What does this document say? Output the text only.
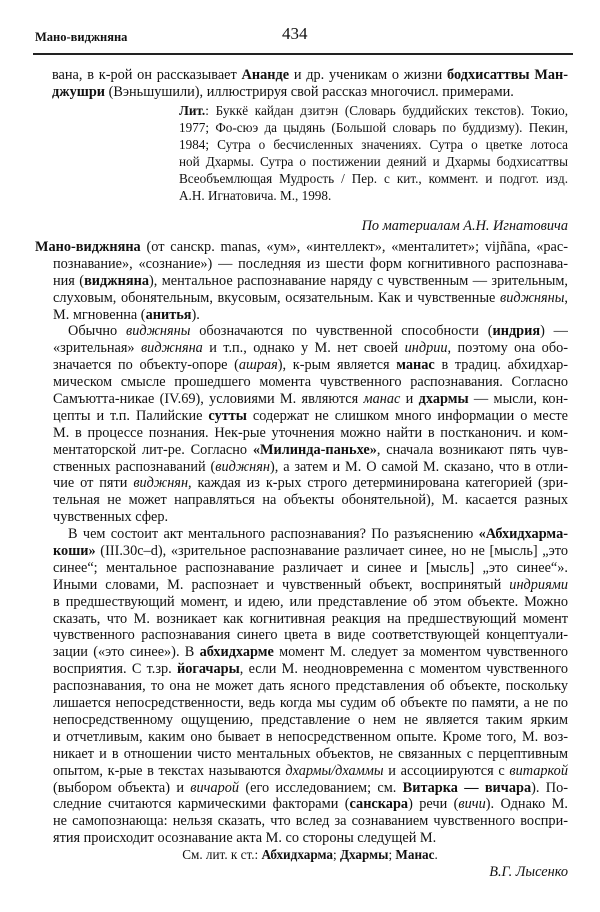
Мано-виджняна	434
вана, в к-рой он рассказывает Ананде и др. ученикам о жизни бодхисаттвы Ман-
джушри (Вэньшушили), иллюстрируя свой рассказ многочисл. примерами.
Лит.: Буккё кайдан дзитэн (Словарь буддийских текстов). Токио,
1977; Фо-сюэ да цыдянь (Большой словарь по буддизму). Пекин,
1984; Сутра о бесчисленных значениях. Сутра о цветке лотоса
ной Дхармы. Сутра о постижении деяний и Дхармы бодхисаттвы
Всеобъемлющая Мудрость / Пер. с кит., коммент. и подгот. изд.
А.Н. Игнатовича. М., 1998.
По материалам А.Н. Игнатовича
Мано-виджняна (от санскр. manas, «ум», «интеллект», «менталитет»; vijñāna, «рас-
познавание», «сознание») — последняя из шести форм когнитивного распознава-
ния (виджняна), ментальное распознавание наряду с чувственным — зрительным,
слуховым, обонятельным, вкусовым, осязательным. Как и чувственные виджняны,
М. мгновенна (анитья).
Обычно виджняны обозначаются по чувственной способности (индрия) —
«зрительная» виджняна и т.п., однако у М. нет своей индрии, поэтому она обо-
значается по объекту-опоре (ашрая), к-рым является манас в традиц. абхидхар-
мическом смысле прошедшего момента чувственного распознавания. Согласно
Самъютта-никае (IV.69), условиями М. являются манас и дхармы — мысли, кон-
цепты и т.п. Палийские сутты содержат не слишком много информации о месте
М. в процессе познания. Нек-рые уточнения можно найти в постканонич. и ком-
ментаторской лит-ре. Согласно «Милинда-паньхе», сначала возникают пять чув-
ственных распознаваний (виджнян), а затем и М. О самой М. сказано, что в отли-
чие от пяти виджнян, каждая из к-рых строго детерминирована категорией (зри-
тельная не может направляться на объекты обонятельной), М. касается разных
чувственных сфер.
В чем состоит акт ментального распознавания? По разъяснению «Абхидхарма-
коши» (III.30c–d), «зрительное распознавание различает синее, но не [мысль] „это
синее“; ментальное распознавание различает и синее и [мысль] „это синее“».
Иными словами, М. распознает и чувственный объект, воспринятый индриями
в предшествующий момент, и идею, или представление об этом объекте. Можно
сказать, что М. возникает как когнитивная реакция на предшествующий момент
чувственного распознавания синего цвета в виде соответствующей концептуали-
зации («это синее»). В абхидхарме момент М. следует за моментом чувственного
восприятия. С т.зр. йогачары, если М. неодновременна с моментом чувственного
распознавания, то она не может дать ясного представления об объекте, поскольку
лишается непосредственности, ведь когда мы судим об объекте по памяти, а не по
непосредственному ощущению, представление о нем не является таким ярким
и отчетливым, каким оно бывает в непосредственном опыте. Кроме того, М. воз-
никает и в отношении чисто ментальных объектов, не связанных с перцептивным
опытом, к-рые в текстах называются дхармы/дхаммы и ассоциируются с витаркой
(выбором объекта) и вичарой (его исследованием; см. Витарка — вичара). По-
следние считаются кармическими факторами (санскара) речи (вичи). Однако М.
не самопознающа: нельзя сказать, что вслед за сознаванием чувственного воспри-
ятия происходит осознавание акта М. со стороны следущей М.
См. лит. к ст.: Абхидхарма; Дхармы; Манас.
В.Г. Лысенко
